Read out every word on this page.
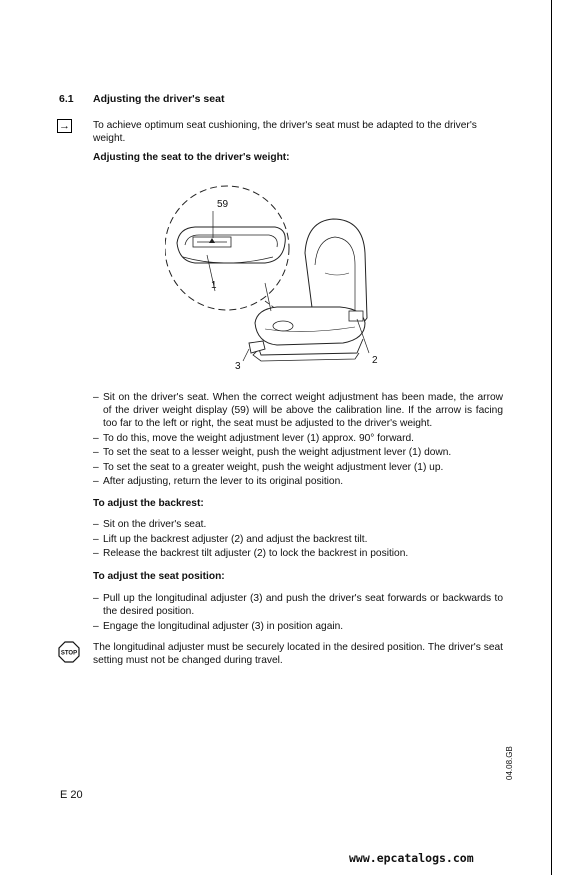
6.1 Adjusting the driver's seat
→ To achieve optimum seat cushioning, the driver's seat must be adapted to the driver's weight.
Adjusting the seat to the driver's weight:
59
1
2
3
– Sit on the driver's seat. When the correct weight adjustment has been made, the arrow of the driver weight display (59) will be above the calibration line. If the arrow is facing too far to the left or right, the seat must be adjusted to the driver's weight.
– To do this, move the weight adjustment lever (1) approx. 90° forward.
– To set the seat to a lesser weight, push the weight adjustment lever (1) down.
– To set the seat to a greater weight, push the weight adjustment lever (1) up.
– After adjusting, return the lever to its original position.
To adjust the backrest:
– Sit on the driver's seat.
– Lift up the backrest adjuster (2) and adjust the backrest tilt.
– Release the backrest tilt adjuster (2) to lock the backrest in position.
To adjust the seat position:
– Pull up the longitudinal adjuster (3) and push the driver's seat forwards or backwards to the desired position.
– Engage the longitudinal adjuster (3) in position again.
STOP
The longitudinal adjuster must be securely located in the desired position. The driver's seat setting must not be changed during travel.
04.08.GB
E 20
www.epcatalogs.com
